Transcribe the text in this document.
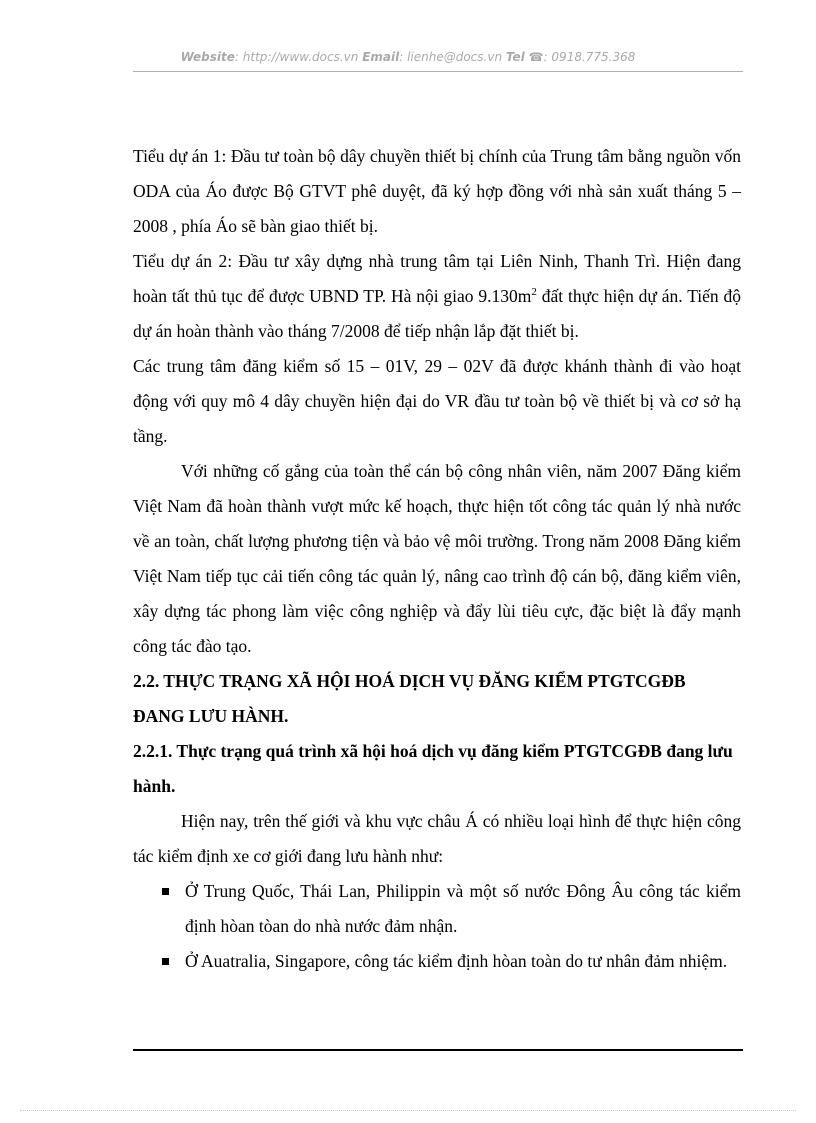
Website: http://www.docs.vn Email: lienhe@docs.vn Tel ☎: 0918.775.368

Tiểu dự án 1: Đầu tư toàn bộ dây chuyền thiết bị chính của Trung tâm bằng nguồn vốn ODA của Áo được Bộ GTVT phê duyệt, đã ký hợp đồng với nhà sản xuất tháng 5 – 2008 , phía Áo sẽ bàn giao thiết bị.

Tiểu dự án 2: Đầu tư xây dựng nhà trung tâm tại Liên Ninh, Thanh Trì. Hiện đang hoàn tất thủ tục để được UBND TP. Hà nội giao $9.130m^2$ đất thực hiện dự án. Tiến độ dự án hoàn thành vào tháng 7/2008 để tiếp nhận lắp đặt thiết bị.

Các trung tâm đăng kiểm số 15 – 01V, 29 – 02V đã được khánh thành đi vào hoạt động với quy mô 4 dây chuyền hiện đại do VR đầu tư toàn bộ về thiết bị và cơ sở hạ tầng.

Với những cố gắng của toàn thể cán bộ công nhân viên, năm 2007 Đăng kiểm Việt Nam đã hoàn thành vượt mức kế hoạch, thực hiện tốt công tác quản lý nhà nước về an toàn, chất lượng phương tiện và bảo vệ môi trường. Trong năm 2008 Đăng kiểm Việt Nam tiếp tục cải tiến công tác quản lý, nâng cao trình độ cán bộ, đăng kiểm viên, xây dựng tác phong làm việc công nghiệp và đẩy lùi tiêu cực, đặc biệt là đẩy mạnh công tác đào tạo.

2.2. THỰC TRẠNG XÃ HỘI HOÁ DỊCH VỤ ĐĂNG KIỂM PTGTCGĐB ĐANG LƯU HÀNH.

2.2.1. Thực trạng quá trình xã hội hoá dịch vụ đăng kiểm PTGTCGĐB đang lưu hành.

Hiện nay, trên thế giới và khu vực châu Á có nhiều loại hình để thực hiện công tác kiểm định xe cơ giới đang lưu hành như:

Ở Trung Quốc, Thái Lan, Philippin và một số nước Đông Âu công tác kiểm định hòan tòan do nhà nước đảm nhận.
Ở Auatralia, Singapore, công tác kiểm định hòan toàn do tư nhân đảm nhiệm.
